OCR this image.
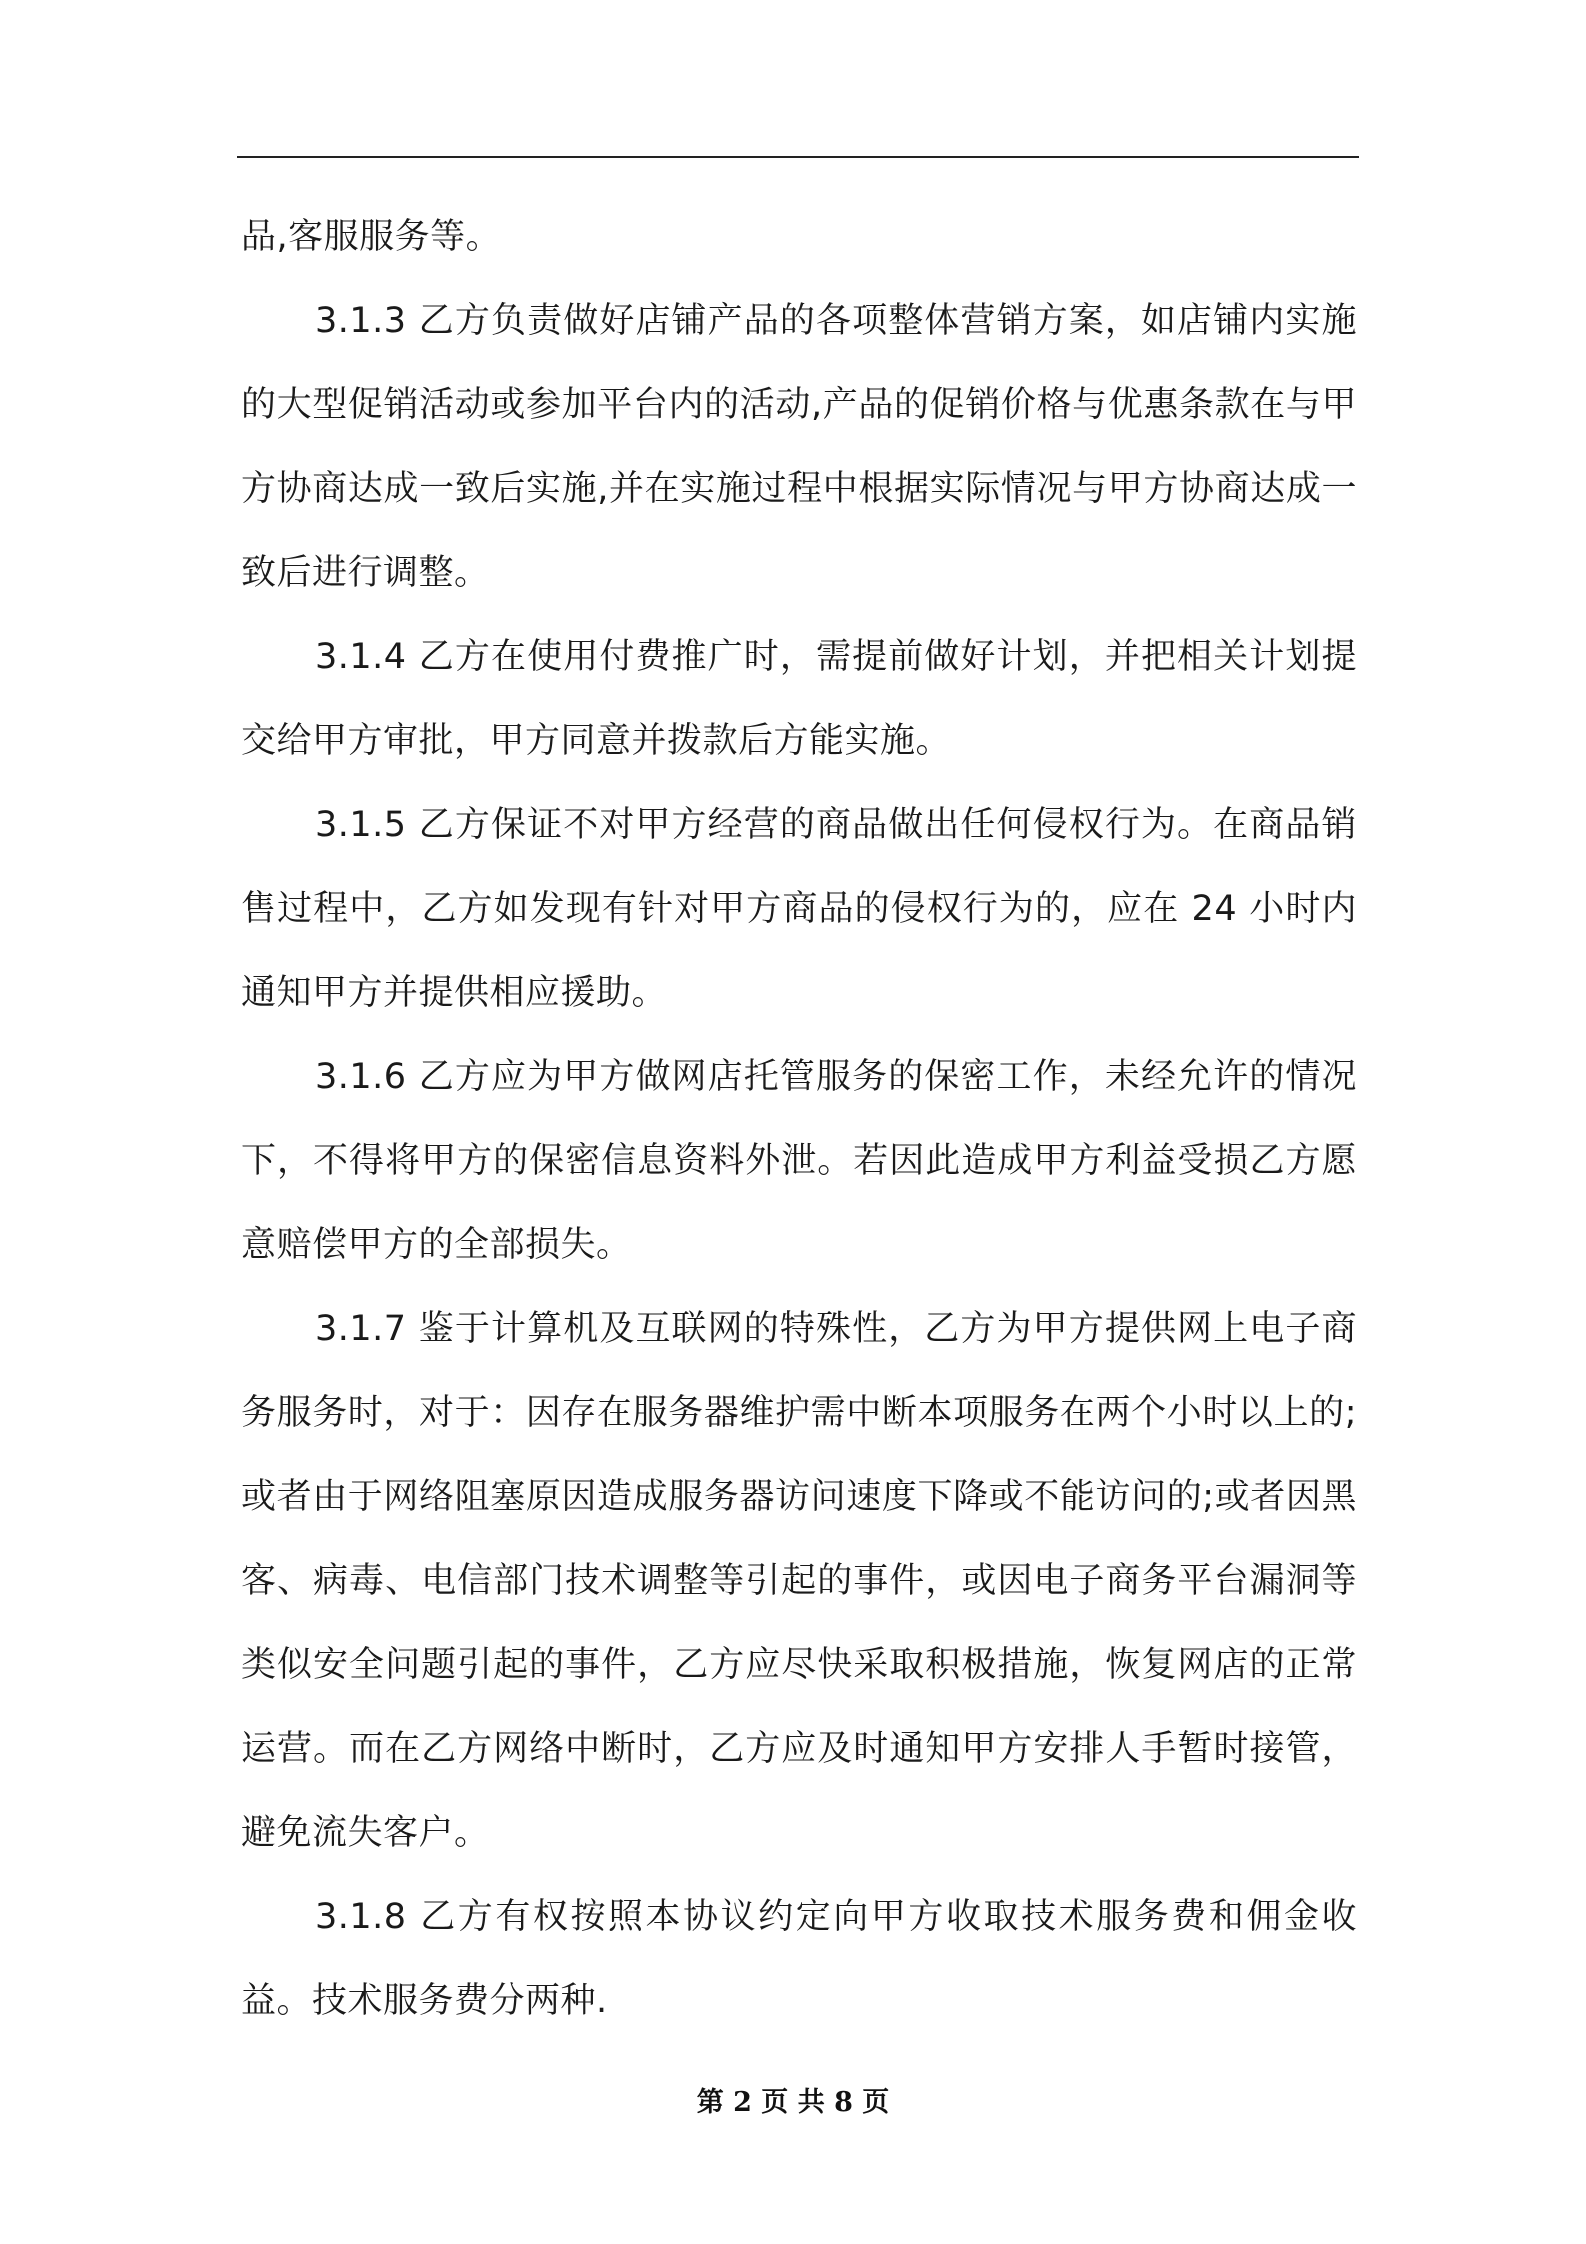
品,客服服务等。

3.1.3 乙方负责做好店铺产品的各项整体营销方案，如店铺内实施的大型促销活动或参加平台内的活动,产品的促销价格与优惠条款在与甲方协商达成一致后实施,并在实施过程中根据实际情况与甲方协商达成一致后进行调整。

3.1.4 乙方在使用付费推广时，需提前做好计划，并把相关计划提交给甲方审批，甲方同意并拨款后方能实施。

3.1.5 乙方保证不对甲方经营的商品做出任何侵权行为。在商品销售过程中，乙方如发现有针对甲方商品的侵权行为的，应在 24 小时内通知甲方并提供相应援助。

3.1.6 乙方应为甲方做网店托管服务的保密工作，未经允许的情况下，不得将甲方的保密信息资料外泄。若因此造成甲方利益受损乙方愿意赔偿甲方的全部损失。

3.1.7 鉴于计算机及互联网的特殊性，乙方为甲方提供网上电子商务服务时，对于：因存在服务器维护需中断本项服务在两个小时以上的;或者由于网络阻塞原因造成服务器访问速度下降或不能访问的;或者因黑客、病毒、电信部门技术调整等引起的事件，或因电子商务平台漏洞等类似安全问题引起的事件，乙方应尽快采取积极措施，恢复网店的正常运营。而在乙方网络中断时，乙方应及时通知甲方安排人手暂时接管，避免流失客户。

3.1.8 乙方有权按照本协议约定向甲方收取技术服务费和佣金收益。技术服务费分两种.

第 2 页 共 8 页
